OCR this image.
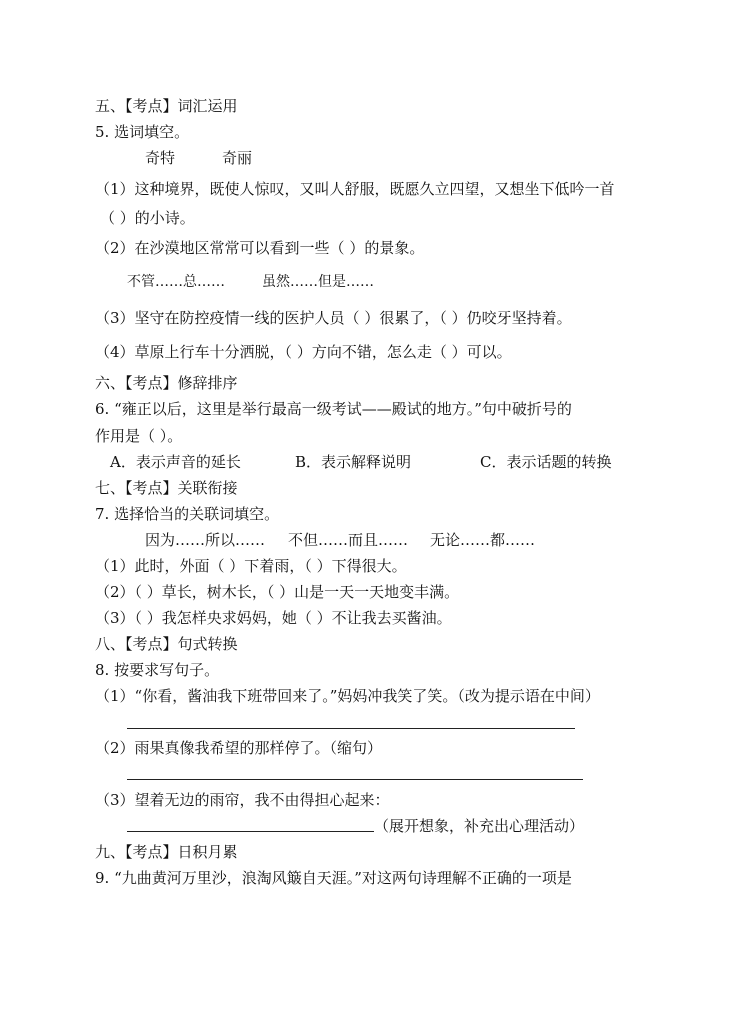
五、【考点】词汇运用
5. 选词填空。
奇特	奇丽
（1）这种境界，既使人惊叹，又叫人舒服，既愿久立四望，又想坐下低吟一首
（ ）的小诗。
（2）在沙漠地区常常可以看到一些（ ）的景象。
不管……总……	虽然……但是……
（3）坚守在防控疫情一线的医护人员（ ）很累了，（ ）仍咬牙坚持着。
（4）草原上行车十分洒脱，（ ）方向不错，怎么走（ ）可以。
六、【考点】修辞排序
6. “雍正以后，这里是举行最高一级考试——殿试的地方。”句中破折号的
作用是（ ）。
A．表示声音的延长	B．表示解释说明	C．表示话题的转换
七、【考点】关联衔接
7. 选择恰当的关联词填空。
因为……所以…… 不但……而且…… 无论……都……
（1）此时，外面（ ）下着雨，（ ）下得很大。
（2）（ ）草长，树木长，（ ）山是一天一天地变丰满。
（3）（ ）我怎样央求妈妈，她（ ）不让我去买酱油。
八、【考点】句式转换
8. 按要求写句子。
（1）“你看，酱油我下班带回来了。”妈妈冲我笑了笑。（改为提示语在中间）
（2）雨果真像我希望的那样停了。（缩句）
（3）望着无边的雨帘，我不由得担心起来：
（展开想象，补充出心理活动）
九、【考点】日积月累
9. “九曲黄河万里沙，浪淘风簸自天涯。”对这两句诗理解不正确的一项是
